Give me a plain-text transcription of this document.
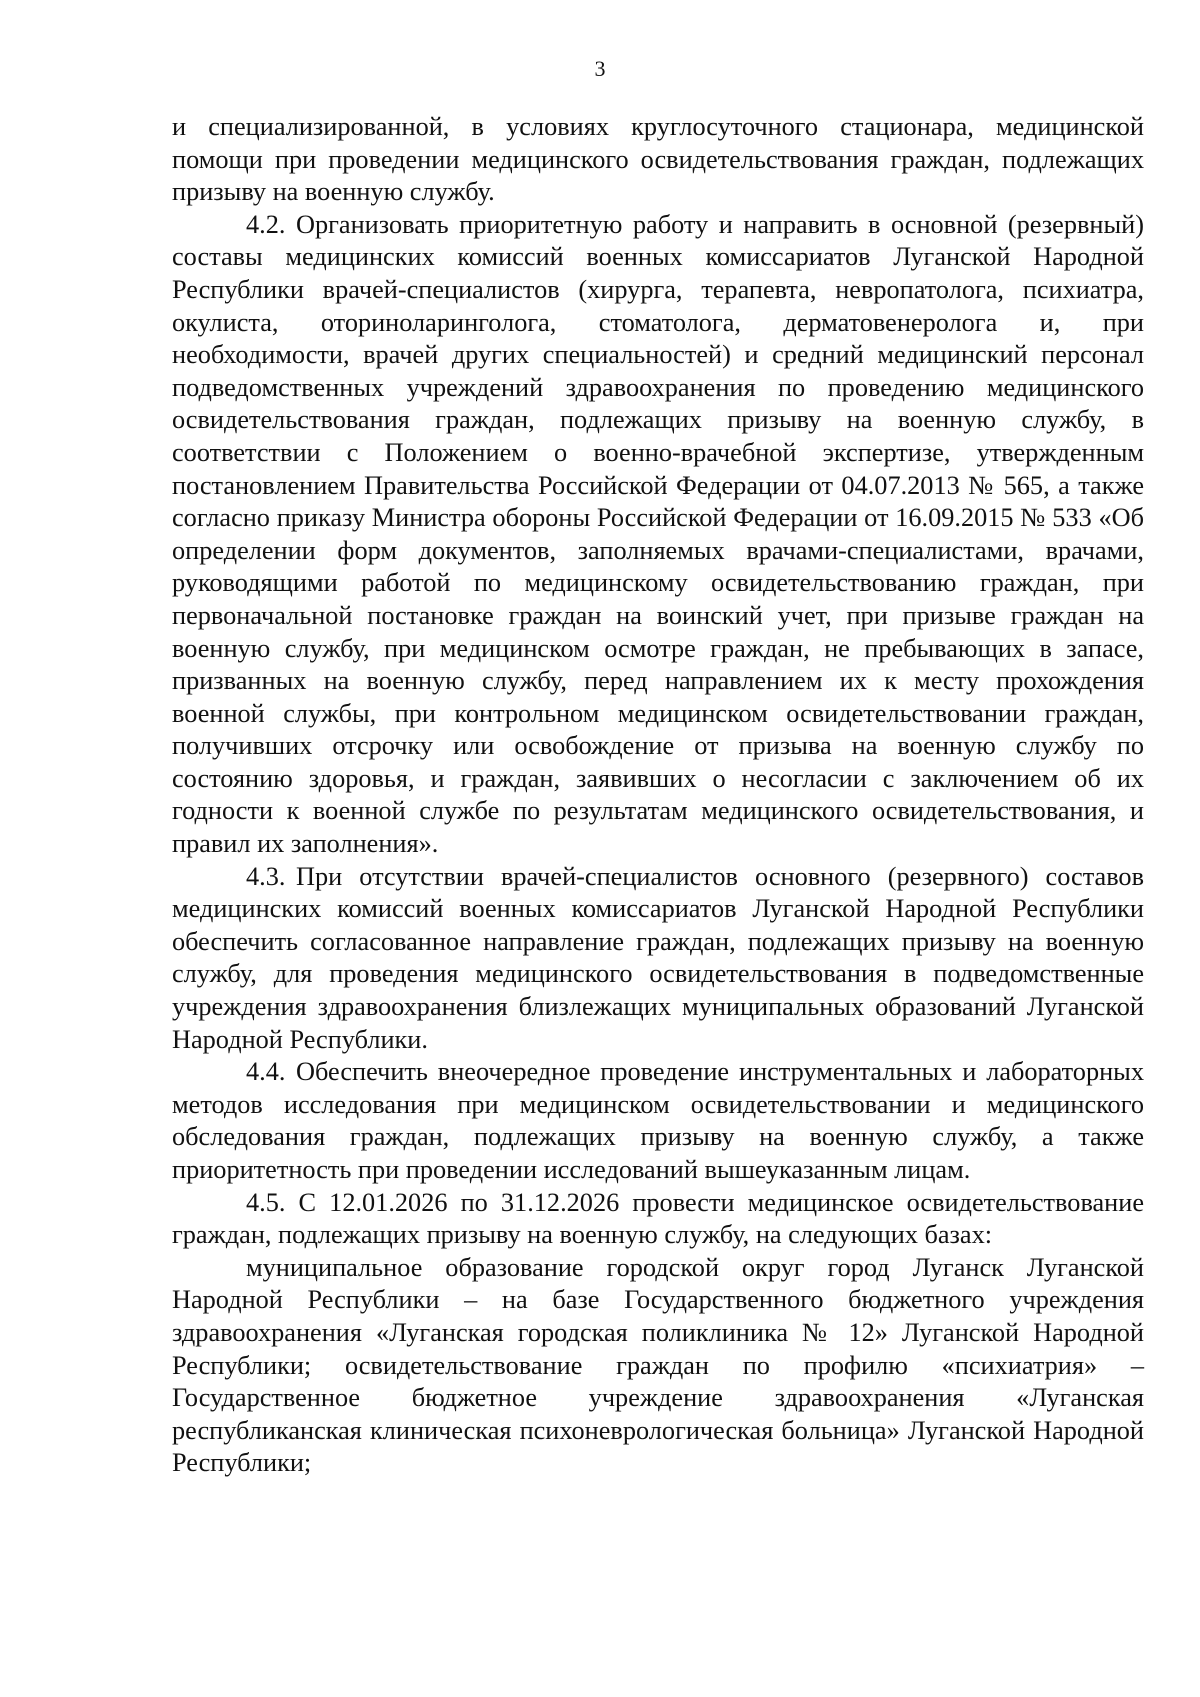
3

и специализированной, в условиях круглосуточного стационара, медицинской помощи при проведении медицинского освидетельствования граждан, подлежащих призыву на военную службу.

4.2. Организовать приоритетную работу и направить в основной (резервный) составы медицинских комиссий военных комиссариатов Луганской Народной Республики врачей-специалистов (хирурга, терапевта, невропатолога, психиатра, окулиста, оториноларинголога, стоматолога, дерматовенеролога и, при необходимости, врачей других специальностей) и средний медицинский персонал подведомственных учреждений здравоохранения по проведению медицинского освидетельствования граждан, подлежащих призыву на военную службу, в соответствии с Положением о военно-врачебной экспертизе, утвержденным постановлением Правительства Российской Федерации от 04.07.2013 № 565, а также согласно приказу Министра обороны Российской Федерации от 16.09.2015 № 533 «Об определении форм документов, заполняемых врачами-специалистами, врачами, руководящими работой по медицинскому освидетельствованию граждан, при первоначальной постановке граждан на воинский учет, при призыве граждан на военную службу, при медицинском осмотре граждан, не пребывающих в запасе, призванных на военную службу, перед направлением их к месту прохождения военной службы, при контрольном медицинском освидетельствовании граждан, получивших отсрочку или освобождение от призыва на военную службу по состоянию здоровья, и граждан, заявивших о несогласии с заключением об их годности к военной службе по результатам медицинского освидетельствования, и правил их заполнения».

4.3. При отсутствии врачей-специалистов основного (резервного) составов медицинских комиссий военных комиссариатов Луганской Народной Республики обеспечить согласованное направление граждан, подлежащих призыву на военную службу, для проведения медицинского освидетельствования в подведомственные учреждения здравоохранения близлежащих муниципальных образований Луганской Народной Республики.

4.4. Обеспечить внеочередное проведение инструментальных и лабораторных методов исследования при медицинском освидетельствовании и медицинского обследования граждан, подлежащих призыву на военную службу, а также приоритетность при проведении исследований вышеуказанным лицам.

4.5. С 12.01.2026 по 31.12.2026 провести медицинское освидетельствование граждан, подлежащих призыву на военную службу, на следующих базах:

муниципальное образование городской округ город Луганск Луганской Народной Республики – на базе Государственного бюджетного учреждения здравоохранения «Луганская городская поликлиника № 12» Луганской Народной Республики; освидетельствование граждан по профилю «психиатрия» – Государственное бюджетное учреждение здравоохранения «Луганская республиканская клиническая психоневрологическая больница» Луганской Народной Республики;
